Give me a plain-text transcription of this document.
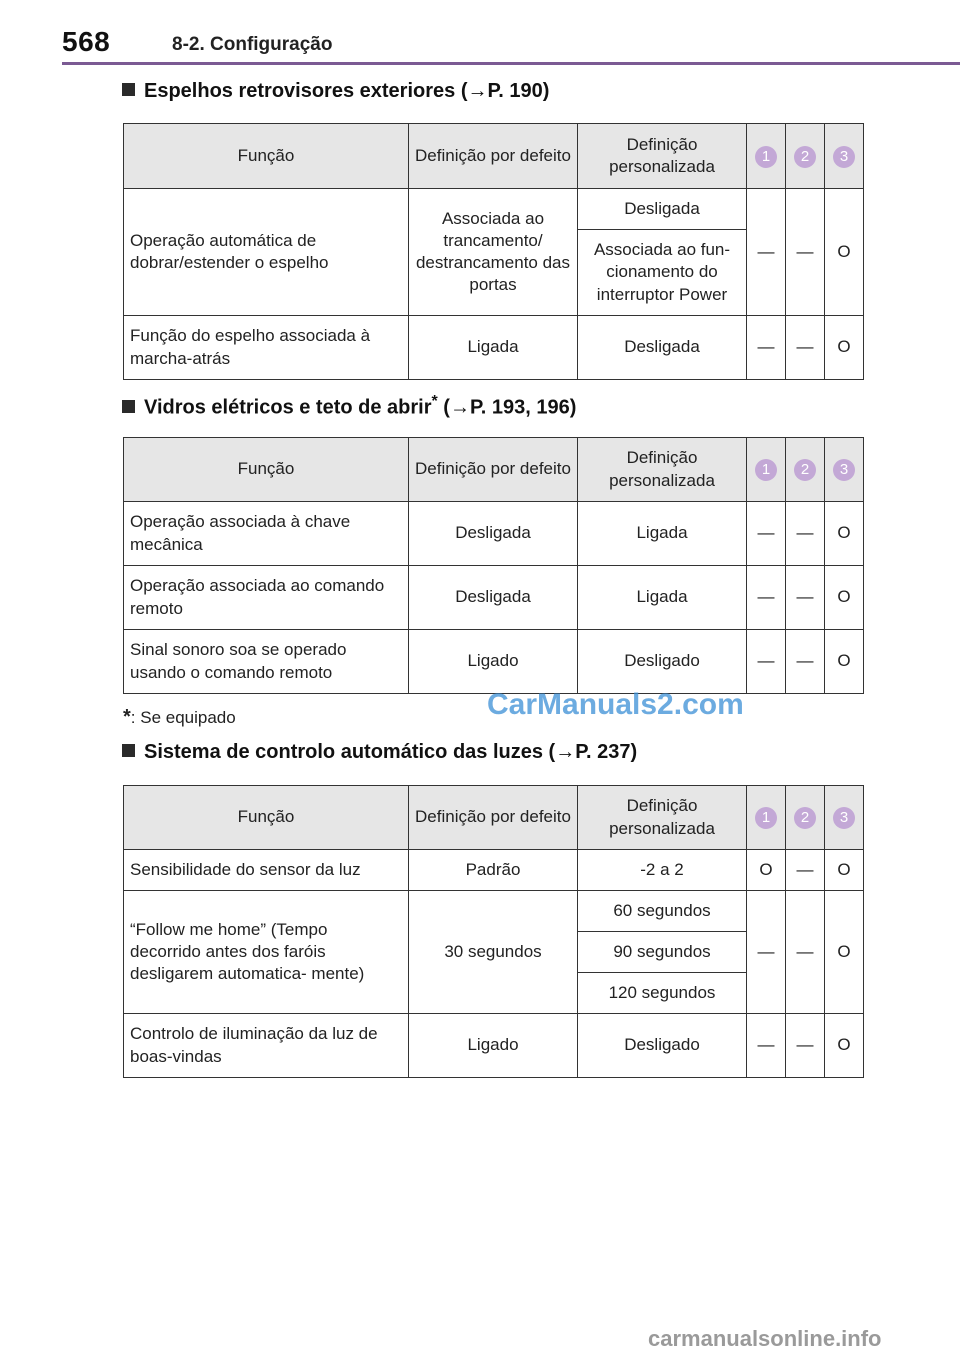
568	8-2. Configuração
Espelhos retrovisores exteriores (→P. 190)
Função	Definição por defeito	Definição personalizada	1	2	3
Operação automática de dobrar/estender o espelho	Associada ao trancamento/ destrancamento das portas	Desligada	—	—	O
		Associada ao fun- cionamento do interruptor Power			
Função do espelho associada à marcha-atrás	Ligada	Desligada	—	—	O
Vidros elétricos e teto de abrir* (→P. 193, 196)
Função	Definição por defeito	Definição personalizada	1	2	3
Operação associada à chave mecânica	Desligada	Ligada	—	—	O
Operação associada ao comando remoto	Desligada	Ligada	—	—	O
Sinal sonoro soa se operado usando o comando remoto	Ligado	Desligado	—	—	O
*: Se equipado	CarManuals2.com
Sistema de controlo automático das luzes (→P. 237)
Função	Definição por defeito	Definição personalizada	1	2	3
Sensibilidade do sensor da luz	Padrão	-2 a 2	O	—	O
“Follow me home” (Tempo decorrido antes dos faróis desligarem automatica- mente)	30 segundos	60 segundos	—	—	O
		90 segundos			
		120 segundos			
Controlo de iluminação da luz de boas-vindas	Ligado	Desligado	—	—	O
carmanualsonline.info
